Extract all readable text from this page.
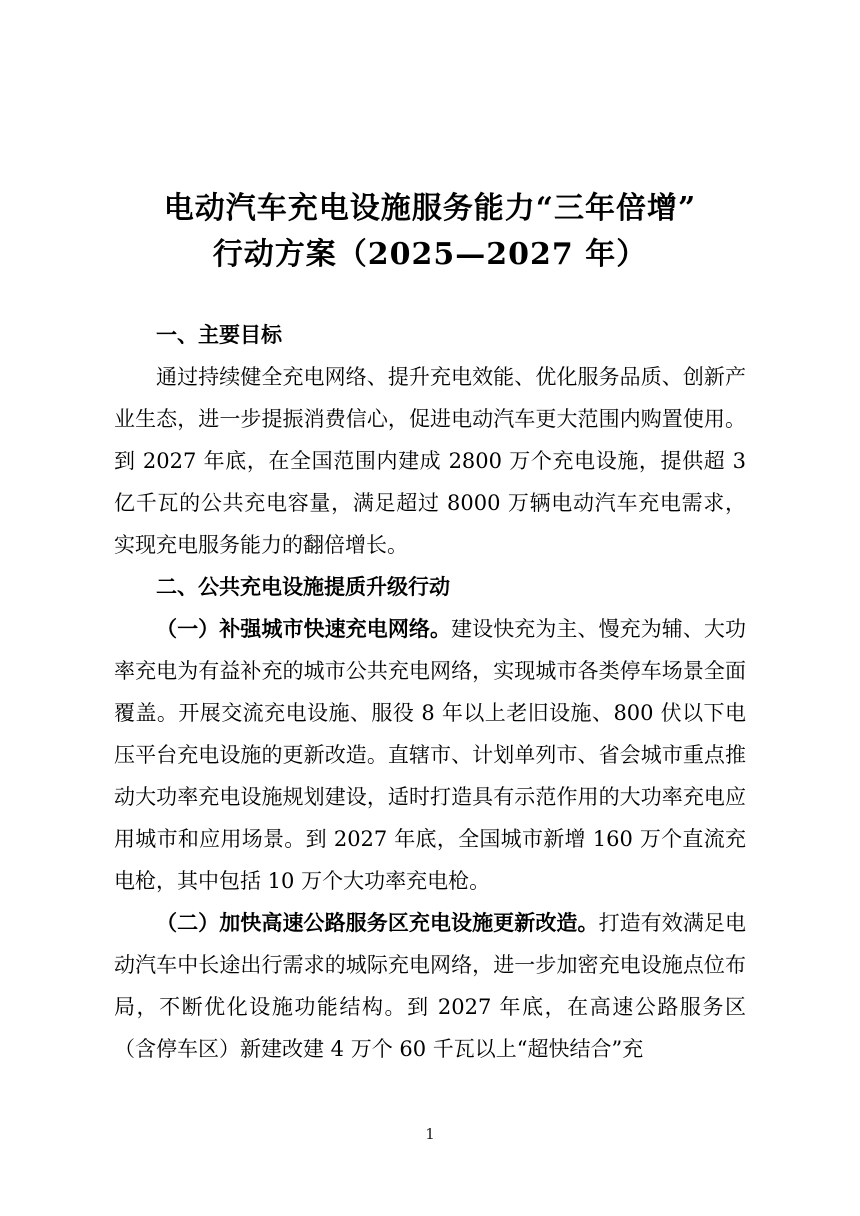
电动汽车充电设施服务能力“三年倍增”
行动方案（2025—2027 年）

一、主要目标

通过持续健全充电网络、提升充电效能、优化服务品质、创新产业生态，进一步提振消费信心，促进电动汽车更大范围内购置使用。到 2027 年底，在全国范围内建成 2800 万个充电设施，提供超 3 亿千瓦的公共充电容量，满足超过 8000 万辆电动汽车充电需求，实现充电服务能力的翻倍增长。

二、公共充电设施提质升级行动

（一）补强城市快速充电网络。建设快充为主、慢充为辅、大功率充电为有益补充的城市公共充电网络，实现城市各类停车场景全面覆盖。开展交流充电设施、服役 8 年以上老旧设施、800 伏以下电压平台充电设施的更新改造。直辖市、计划单列市、省会城市重点推动大功率充电设施规划建设，适时打造具有示范作用的大功率充电应用城市和应用场景。到 2027 年底，全国城市新增 160 万个直流充电枪，其中包括 10 万个大功率充电枪。

（二）加快高速公路服务区充电设施更新改造。打造有效满足电动汽车中长途出行需求的城际充电网络，进一步加密充电设施点位布局，不断优化设施功能结构。到 2027 年底，在高速公路服务区（含停车区）新建改建 4 万个 60 千瓦以上“超快结合”充

1
